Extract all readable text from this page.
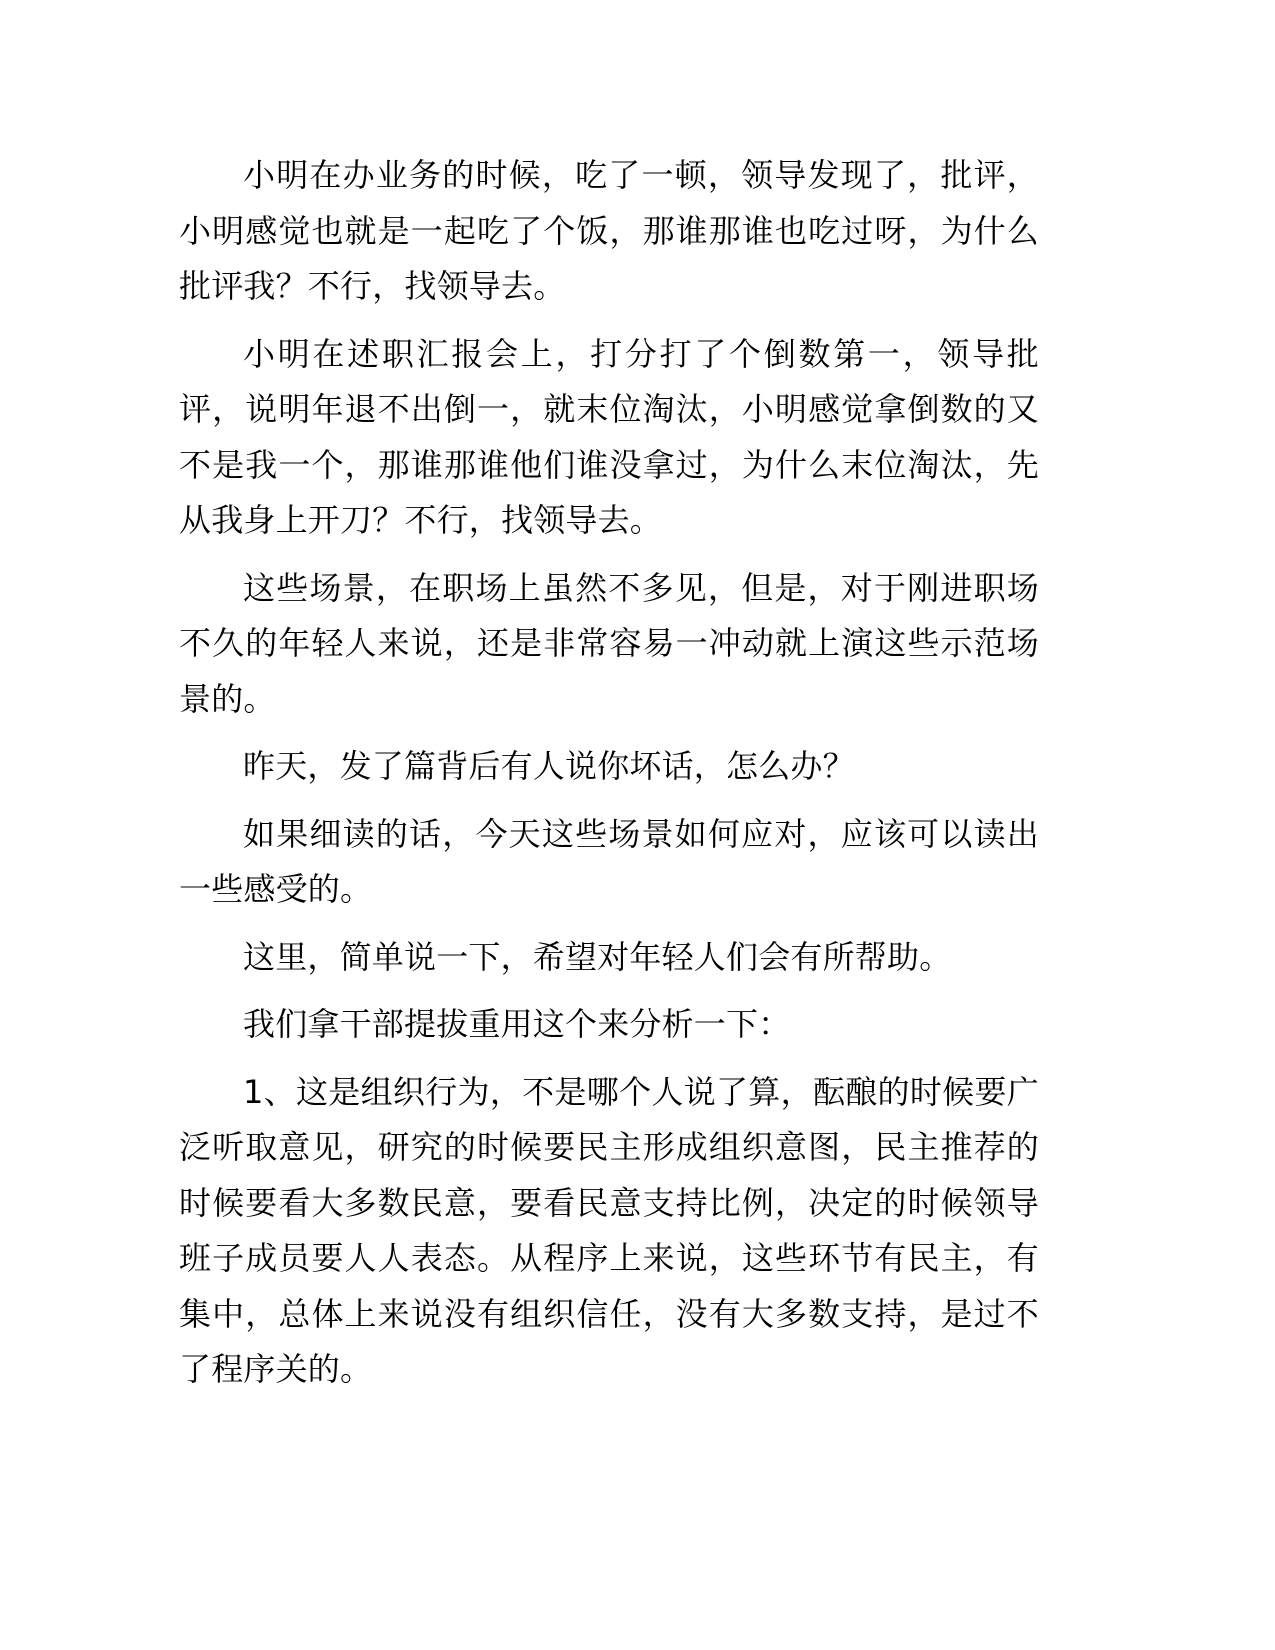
小明在办业务的时候，吃了一顿，领导发现了，批评，小明感觉也就是一起吃了个饭，那谁那谁也吃过呀，为什么批评我？不行，找领导去。

小明在述职汇报会上，打分打了个倒数第一，领导批评，说明年退不出倒一，就末位淘汰，小明感觉拿倒数的又不是我一个，那谁那谁他们谁没拿过，为什么末位淘汰，先从我身上开刀？不行，找领导去。

这些场景，在职场上虽然不多见，但是，对于刚进职场不久的年轻人来说，还是非常容易一冲动就上演这些示范场景的。

昨天，发了篇背后有人说你坏话，怎么办？

如果细读的话，今天这些场景如何应对，应该可以读出一些感受的。

这里，简单说一下，希望对年轻人们会有所帮助。

我们拿干部提拔重用这个来分析一下：

1、这是组织行为，不是哪个人说了算，酝酿的时候要广泛听取意见，研究的时候要民主形成组织意图，民主推荐的时候要看大多数民意，要看民意支持比例，决定的时候领导班子成员要人人表态。从程序上来说，这些环节有民主，有集中，总体上来说没有组织信任，没有大多数支持，是过不了程序关的。
